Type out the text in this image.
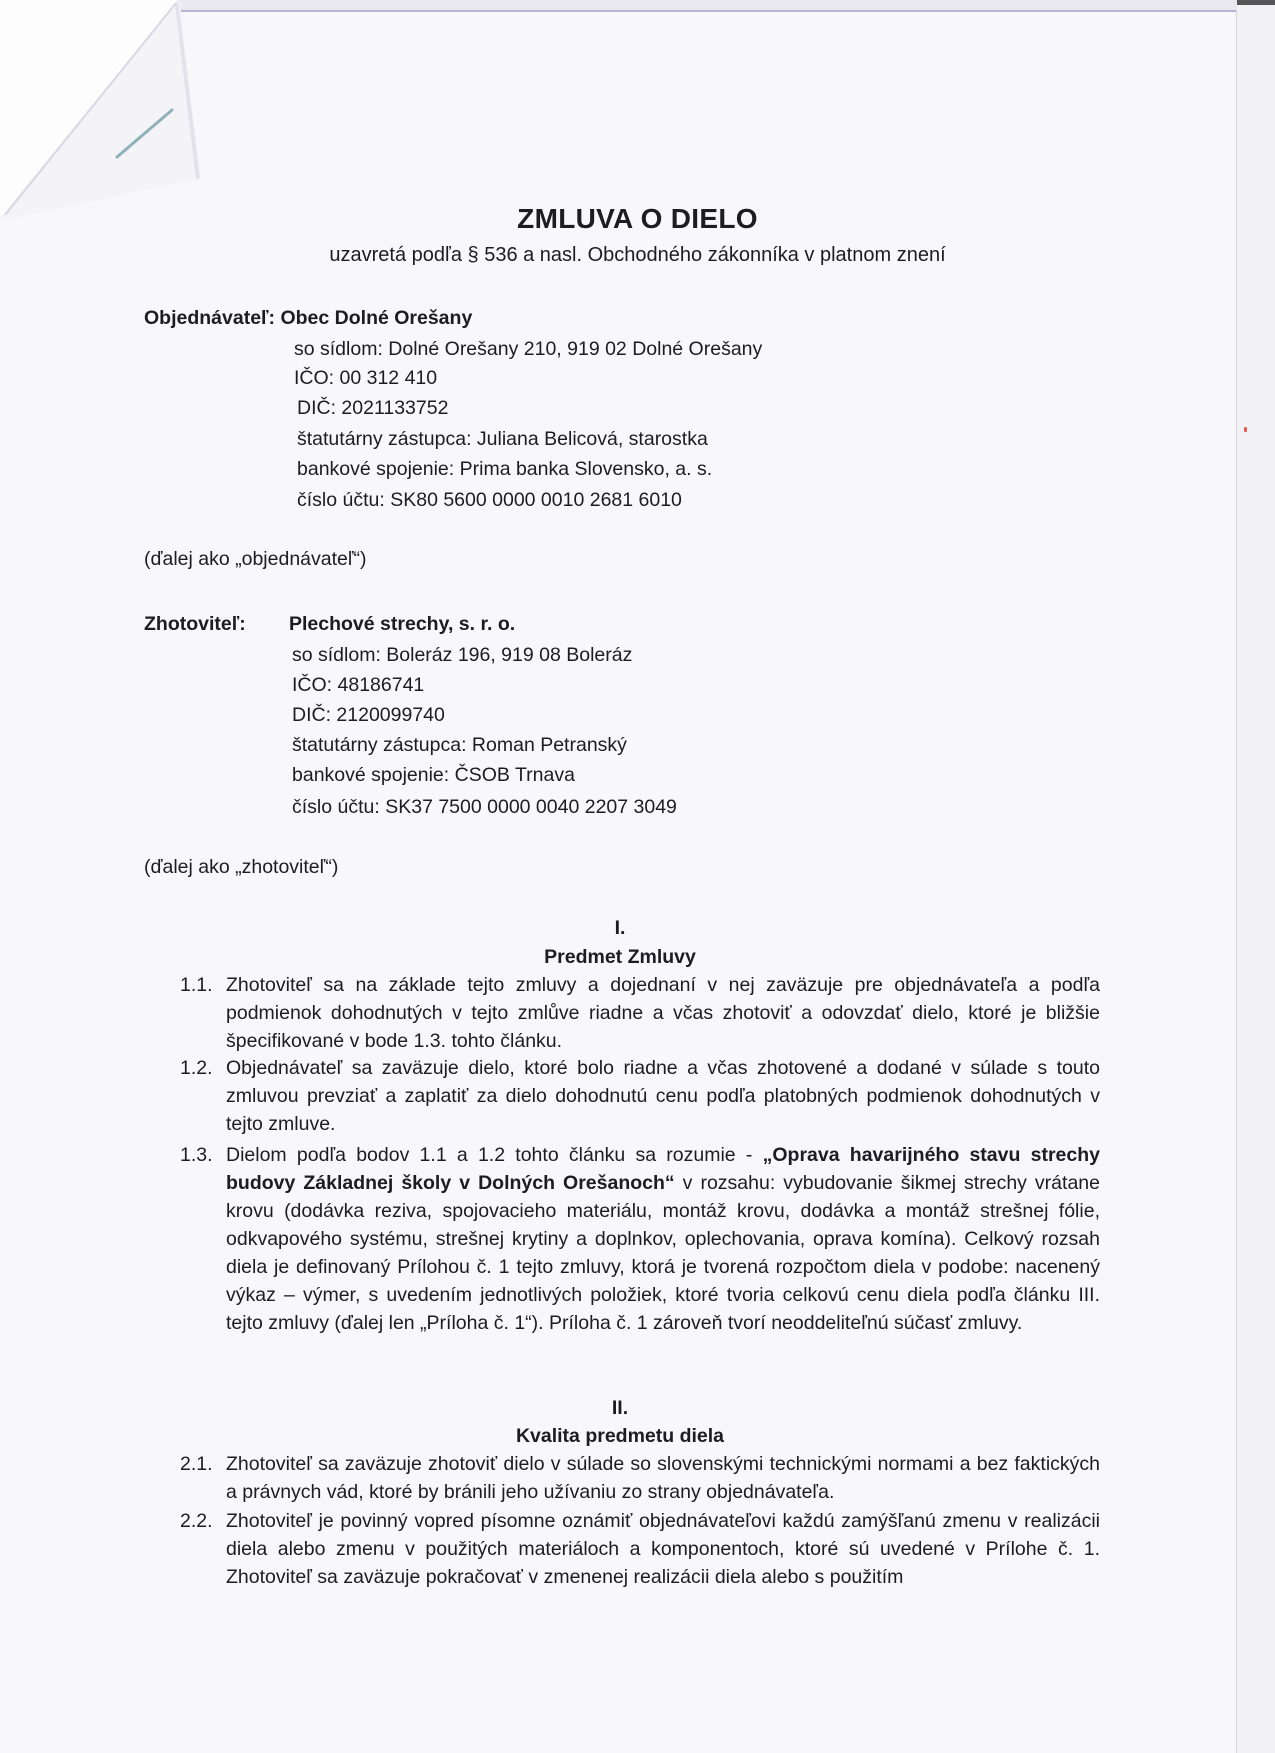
ZMLUVA O DIELO
uzavretá podľa § 536 a nasl. Obchodného zákonníka v platnom znení
Objednávateľ: Obec Dolné Orešany
so sídlom: Dolné Orešany 210, 919 02 Dolné Orešany
IČO: 00 312 410
DIČ: 2021133752
štatutárny zástupca: Juliana Belicová, starostka
bankové spojenie: Prima banka Slovensko, a. s.
číslo účtu: SK80 5600 0000 0010 2681 6010
(ďalej ako „objednávateľ“)
Zhotoviteľ: Plechové strechy, s. r. o.
so sídlom: Boleráz 196, 919 08 Boleráz
IČO: 48186741
DIČ: 2120099740
štatutárny zástupca: Roman Petranský
bankové spojenie: ČSOB Trnava
číslo účtu: SK37 7500 0000 0040 2207 3049
(ďalej ako „zhotoviteľ“)
I.
Predmet Zmluvy
1.1. Zhotoviteľ sa na základe tejto zmluvy a dojednaní v nej zaväzuje pre objednávateľa a podľa podmienok dohodnutých v tejto zmlůve riadne a včas zhotoviť a odovzdať dielo, ktoré je bližšie špecifikované v bode 1.3. tohto článku.
1.2. Objednávateľ sa zaväzuje dielo, ktoré bolo riadne a včas zhotovené a dodané v súlade s touto zmluvou prevziať a zaplatiť za dielo dohodnutú cenu podľa platobných podmienok dohodnutých v tejto zmluve.
1.3. Dielom podľa bodov 1.1 a 1.2 tohto článku sa rozumie - „Oprava havarijného stavu strechy budovy Základnej školy v Dolných Orešanoch“ v rozsahu: vybudovanie šikmej strechy vrátane krovu (dodávka reziva, spojovacieho materiálu, montáž krovu, dodávka a montáž strešnej fólie, odkvapového systému, strešnej krytiny a doplnkov, oplechovania, oprava komína). Celkový rozsah diela je definovaný Prílohou č. 1 tejto zmluvy, ktorá je tvorená rozpočtom diela v podobe: nacenený výkaz – výmer, s uvedením jednotlivých položiek, ktoré tvoria celkovú cenu diela podľa článku III. tejto zmluvy (ďalej len „Príloha č. 1“). Príloha č. 1 zároveň tvorí neoddeliteľnú súčasť zmluvy.
II.
Kvalita predmetu diela
2.1. Zhotoviteľ sa zaväzuje zhotoviť dielo v súlade so slovenskými technickými normami a bez faktických a právnych vád, ktoré by bránili jeho užívaniu zo strany objednávateľa.
2.2. Zhotoviteľ je povinný vopred písomne oznámiť objednávateľovi každú zamýšľanú zmenu v realizácii diela alebo zmenu v použitých materiáloch a komponentoch, ktoré sú uvedené v Prílohe č. 1. Zhotoviteľ sa zaväzuje pokračovať v zmenenej realizácii diela alebo s použitím
